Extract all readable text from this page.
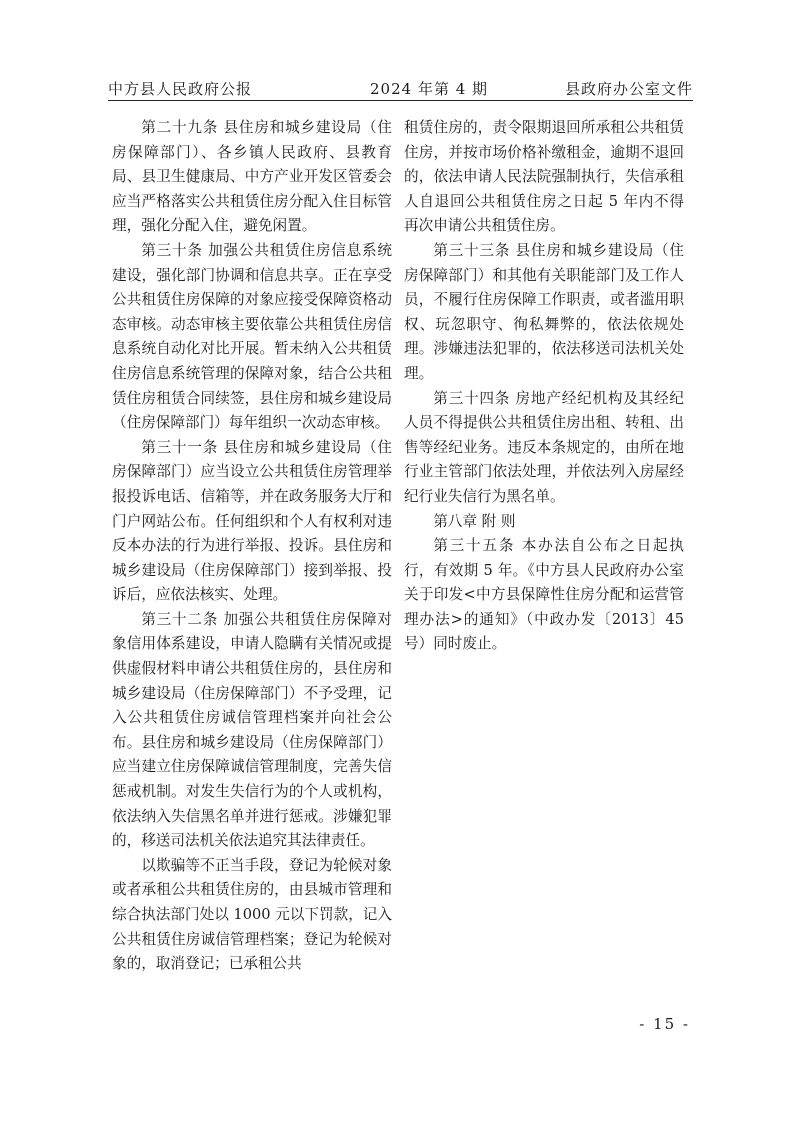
中方县人民政府公报	2024 年第 4 期	县政府办公室文件

第二十九条 县住房和城乡建设局（住房保障部门）、各乡镇人民政府、县教育局、县卫生健康局、中方产业开发区管委会应当严格落实公共租赁住房分配入住目标管理，强化分配入住，避免闲置。

第三十条 加强公共租赁住房信息系统建设，强化部门协调和信息共享。正在享受公共租赁住房保障的对象应接受保障资格动态审核。动态审核主要依靠公共租赁住房信息系统自动化对比开展。暂未纳入公共租赁住房信息系统管理的保障对象，结合公共租赁住房租赁合同续签，县住房和城乡建设局（住房保障部门）每年组织一次动态审核。

第三十一条 县住房和城乡建设局（住房保障部门）应当设立公共租赁住房管理举报投诉电话、信箱等，并在政务服务大厅和门户网站公布。任何组织和个人有权利对违反本办法的行为进行举报、投诉。县住房和城乡建设局（住房保障部门）接到举报、投诉后，应依法核实、处理。

第三十二条 加强公共租赁住房保障对象信用体系建设，申请人隐瞒有关情况或提供虚假材料申请公共租赁住房的，县住房和城乡建设局（住房保障部门）不予受理，记入公共租赁住房诚信管理档案并向社会公布。县住房和城乡建设局（住房保障部门）应当建立住房保障诚信管理制度，完善失信惩戒机制。对发生失信行为的个人或机构，依法纳入失信黑名单并进行惩戒。涉嫌犯罪的，移送司法机关依法追究其法律责任。

以欺骗等不正当手段，登记为轮候对象或者承租公共租赁住房的，由县城市管理和综合执法部门处以 1000 元以下罚款，记入公共租赁住房诚信管理档案；登记为轮候对象的，取消登记；已承租公共

租赁住房的，责令限期退回所承租公共租赁住房，并按市场价格补缴租金，逾期不退回的，依法申请人民法院强制执行，失信承租人自退回公共租赁住房之日起 5 年内不得再次申请公共租赁住房。

第三十三条 县住房和城乡建设局（住房保障部门）和其他有关职能部门及工作人员，不履行住房保障工作职责，或者滥用职权、玩忽职守、徇私舞弊的，依法依规处理。涉嫌违法犯罪的，依法移送司法机关处理。

第三十四条 房地产经纪机构及其经纪人员不得提供公共租赁住房出租、转租、出售等经纪业务。违反本条规定的，由所在地行业主管部门依法处理，并依法列入房屋经纪行业失信行为黑名单。

第八章 附 则

第三十五条 本办法自公布之日起执行，有效期 5 年。《中方县人民政府办公室关于印发<中方县保障性住房分配和运营管理办法>的通知》（中政办发〔2013〕45 号）同时废止。

- 15 -
